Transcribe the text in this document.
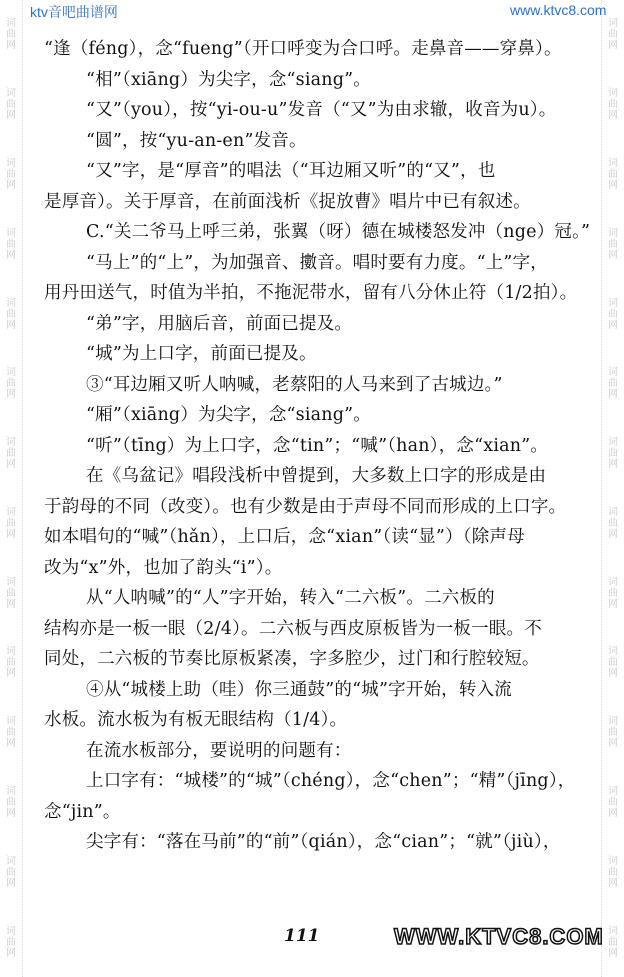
词曲网
词曲网
词曲网
词曲网
词曲网
词曲网
词曲网
词曲网
词曲网
词曲网
词曲网
词曲网
词曲网
词曲网
词曲网
词曲网
词曲网
词曲网
词曲网
词曲网
词曲网
词曲网
词曲网
词曲网
词曲网
词曲网
词曲网
词曲网
ktv音吧曲谱网	www.ktvc8.com
“逢（féng），念“fueng”（开口呼变为合口呼。走鼻音——穿鼻）。
“相”（xiāng）为尖字，念“siang”。
“又”（you），按“yi-ou-u”发音（“又”为由求辙，收音为u）。
“圆”，按“yu-an-en”发音。
“又”字，是“厚音”的唱法（“耳边厢又听”的“又”，也
是厚音）。关于厚音，在前面浅析《捉放曹》唱片中已有叙述。
C.“关二爷马上呼三弟，张翼（呀）德在城楼怒发冲（nge）冠。”
“马上”的“上”，为加强音、擻音。唱时要有力度。“上”字，
用丹田送气，时值为半拍，不拖泥带水，留有八分休止符（1/2拍）。
“弟”字，用脑后音，前面已提及。
“城”为上口字，前面已提及。
③“耳边厢又听人呐喊，老蔡阳的人马来到了古城边。”
“厢”（xiāng）为尖字，念“siang”。
“听”（tīng）为上口字，念“tin”；“喊”（han），念“xian”。
在《乌盆记》唱段浅析中曾提到，大多数上口字的形成是由
于韵母的不同（改变）。也有少数是由于声母不同而形成的上口字。
如本唱句的“喊”（hǎn），上口后，念“xian”（读“显”）（除声母
改为“x”外，也加了韵头“i”）。
从“人呐喊”的“人”字开始，转入“二六板”。二六板的
结构亦是一板一眼（2/4）。二六板与西皮原板皆为一板一眼。不
同处，二六板的节奏比原板紧凑，字多腔少，过门和行腔较短。
④从“城楼上助（哇）你三通鼓”的“城”字开始，转入流
水板。流水板为有板无眼结构（1/4）。
在流水板部分，要说明的问题有：
上口字有：“城楼”的“城”（chéng），念“chen”；“精”（jīng），
念“jin”。
尖字有：“落在马前”的“前”（qián），念“cian”；“就”（jiù），
111	WWW.KTVC8.COM
